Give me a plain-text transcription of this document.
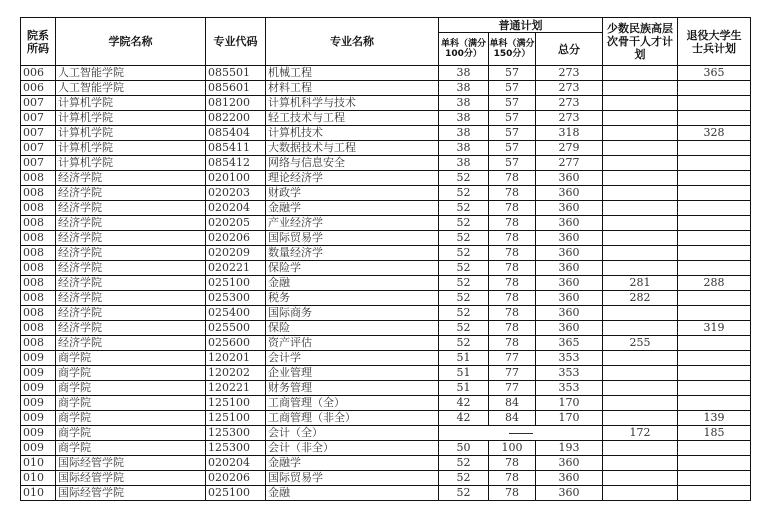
院系所码	学院名称	专业代码	专业名称	普通计划			少数民族高层次骨干人才计划	退役大学生士兵计划
				单科（满分100分）	单科（满分150分）	总分		
006	人工智能学院	085501	机械工程	38	57	273		365
006	人工智能学院	085601	材料工程	38	57	273		
007	计算机学院	081200	计算机科学与技术	38	57	273		
007	计算机学院	082200	轻工技术与工程	38	57	273		
007	计算机学院	085404	计算机技术	38	57	318		328
007	计算机学院	085411	大数据技术与工程	38	57	279		
007	计算机学院	085412	网络与信息安全	38	57	277		
008	经济学院	020100	理论经济学	52	78	360		
008	经济学院	020203	财政学	52	78	360		
008	经济学院	020204	金融学	52	78	360		
008	经济学院	020205	产业经济学	52	78	360		
008	经济学院	020206	国际贸易学	52	78	360		
008	经济学院	020209	数量经济学	52	78	360		
008	经济学院	020221	保险学	52	78	360		
008	经济学院	025100	金融	52	78	360	281	288
008	经济学院	025300	税务	52	78	360	282	
008	经济学院	025400	国际商务	52	78	360		
008	经济学院	025500	保险	52	78	360		319
008	经济学院	025600	资产评估	52	78	365	255	
009	商学院	120201	会计学	51	77	353		
009	商学院	120202	企业管理	51	77	353		
009	商学院	120221	财务管理	51	77	353		
009	商学院	125100	工商管理（全）	42	84	170		
009	商学院	125100	工商管理（非全）	42	84	170		139
009	商学院	125300	会计（全）				172	185
009	商学院	125300	会计（非全）	50	100	193		
010	国际经管学院	020204	金融学	52	78	360		
010	国际经管学院	020206	国际贸易学	52	78	360		
010	国际经管学院	025100	金融	52	78	360		
